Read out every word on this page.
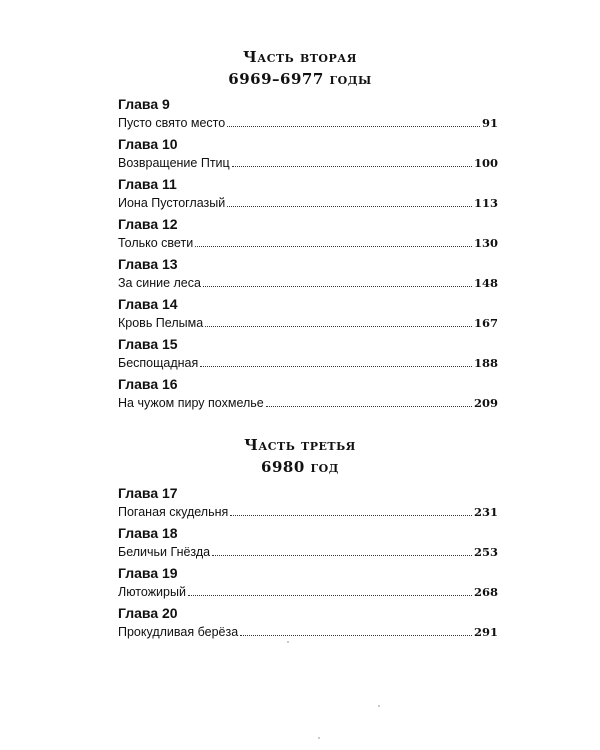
Часть вторая
6969–6977 годы
Глава 9
Пусто свято место	91
Глава 10
Возвращение Птиц	100
Глава 11
Иона Пустоглазый	113
Глава 12
Только свети	130
Глава 13
За синие леса	148
Глава 14
Кровь Пелыма	167
Глава 15
Беспощадная	188
Глава 16
На чужом пиру похмелье	209
Часть третья
6980 год
Глава 17
Поганая скудельня	231
Глава 18
Беличьи Гнёзда	253
Глава 19
Лютожирый	268
Глава 20
Прокудливая берёза	291
